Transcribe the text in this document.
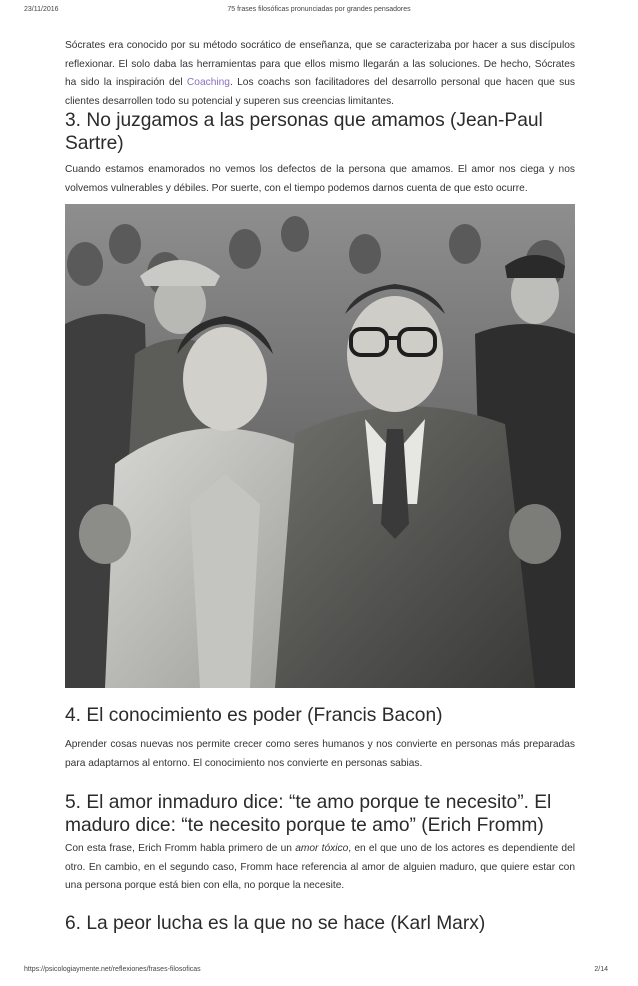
23/11/2016	75 frases filosóficas pronunciadas por grandes pensadores

Sócrates era conocido por su método socrático de enseñanza, que se caracterizaba por hacer a sus discípulos reflexionar. El solo daba las herramientas para que ellos mismo llegarán a las soluciones. De hecho, Sócrates ha sido la inspiración del Coaching. Los coachs son facilitadores del desarrollo personal que hacen que sus clientes desarrollen todo su potencial y superen sus creencias limitantes.

3. No juzgamos a las personas que amamos (Jean-Paul Sartre)

Cuando estamos enamorados no vemos los defectos de la persona que amamos. El amor nos ciega y nos volvemos vulnerables y débiles. Por suerte, con el tiempo podemos darnos cuenta de que esto ocurre.

4. El conocimiento es poder (Francis Bacon)

Aprender cosas nuevas nos permite crecer como seres humanos y nos convierte en personas más preparadas para adaptarnos al entorno. El conocimiento nos convierte en personas sabias.

5. El amor inmaduro dice: “te amo porque te necesito”. El maduro dice: “te necesito porque te amo” (Erich Fromm)

Con esta frase, Erich Fromm habla primero de un amor tóxico, en el que uno de los actores es dependiente del otro. En cambio, en el segundo caso, Fromm hace referencia al amor de alguien maduro, que quiere estar con una persona porque está bien con ella, no porque la necesite.

6. La peor lucha es la que no se hace (Karl Marx)
https://psicologiaymente.net/reflexiones/frases-filosoficas	2/14
